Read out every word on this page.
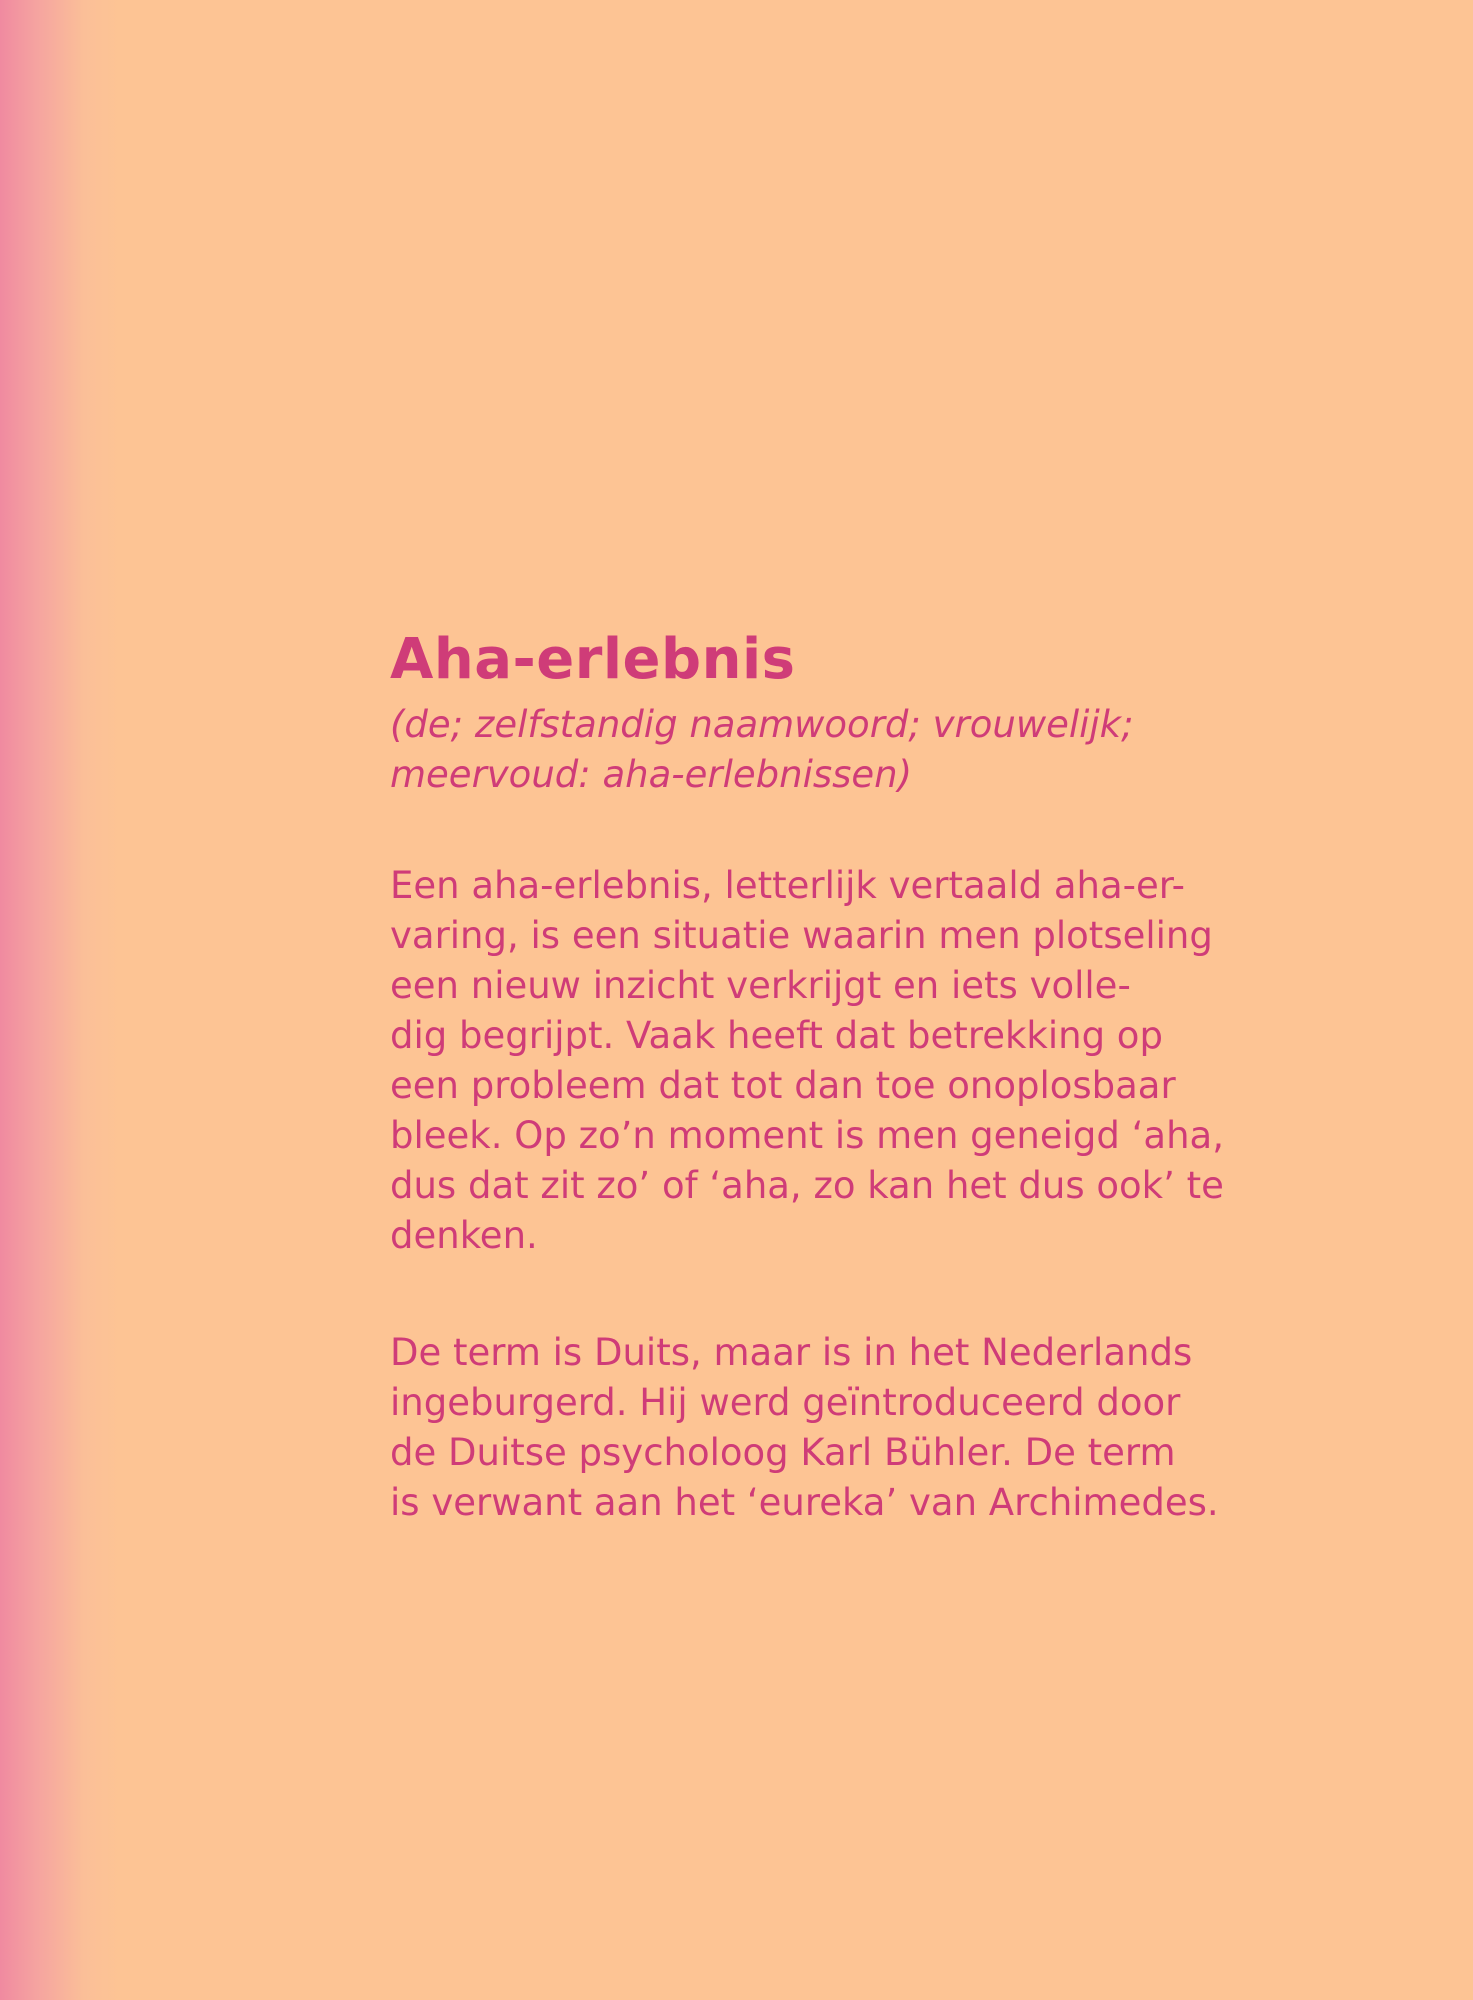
Aha-erlebnis

(de; zelfstandig naamwoord; vrouwelijk;
meervoud: aha-erlebnissen)

Een aha-erlebnis, letterlijk vertaald aha-er-
varing, is een situatie waarin men plotseling
een nieuw inzicht verkrijgt en iets volle-
dig begrijpt. Vaak heeft dat betrekking op
een probleem dat tot dan toe onoplosbaar
bleek. Op zo’n moment is men geneigd ‘aha,
dus dat zit zo’ of ‘aha, zo kan het dus ook’ te
denken.

De term is Duits, maar is in het Nederlands
ingeburgerd. Hij werd geïntroduceerd door
de Duitse psycholoog Karl Bühler. De term
is verwant aan het ‘eureka’ van Archimedes.
